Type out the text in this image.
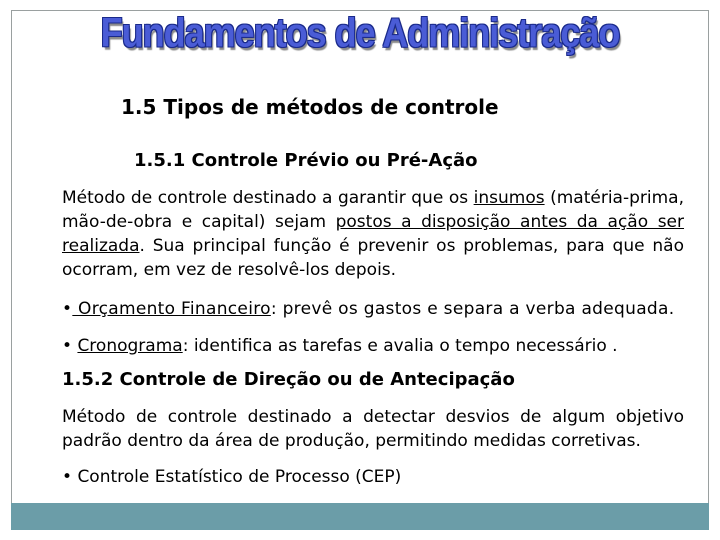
Fundamentos de Administração
1.5 Tipos de métodos de controle
1.5.1 Controle Prévio ou Pré-Ação
Método de controle destinado a garantir que os insumos (matéria-prima, mão-de-obra e capital) sejam postos a disposição antes da ação ser realizada. Sua principal função é prevenir os problemas, para que não ocorram, em vez de resolvê-los depois.
• Orçamento Financeiro: prevê os gastos e separa a verba adequada.
• Cronograma: identifica as tarefas e avalia o tempo necessário .
1.5.2 Controle de Direção ou de Antecipação
Método de controle destinado a detectar desvios de algum objetivo padrão dentro da área de produção, permitindo medidas corretivas.
• Controle Estatístico de Processo (CEP)
